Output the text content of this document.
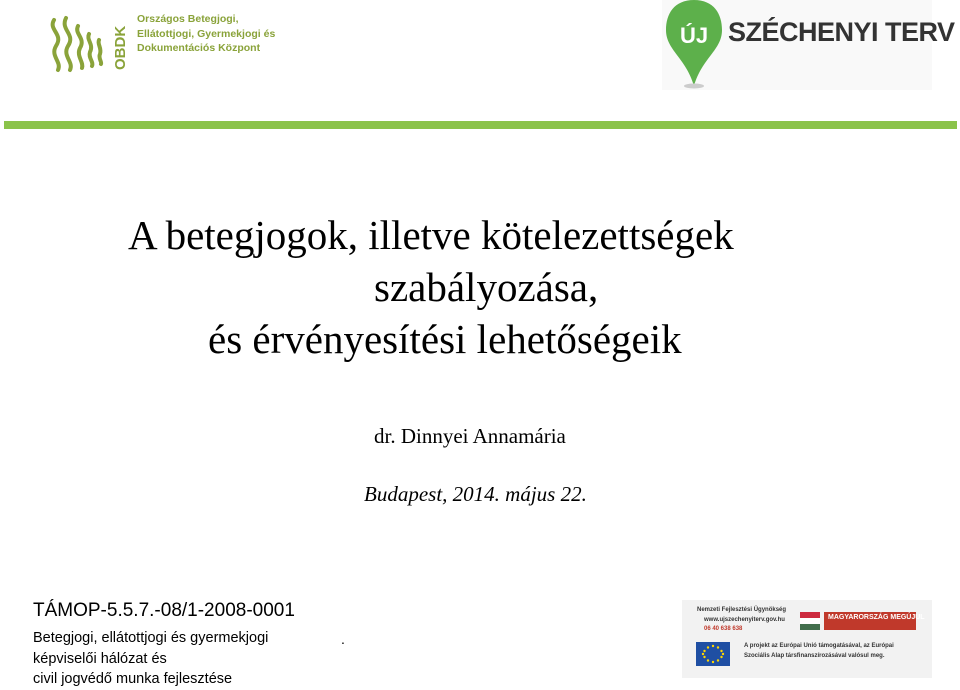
OBDK
Országos Betegjogi,
Ellátottjogi, Gyermekjogi és
Dokumentációs Központ	ÚJ SZÉCHENYI TERV
A betegjogok, illetve kötelezettségek
szabályozása,
és érvényesítési lehetőségeik
dr. Dinnyei Annamária
Budapest, 2014. május 22.
TÁMOP-5.5.7.-08/1-2008-0001
Betegjogi, ellátottjogi és gyermekjogi
képviselői hálózat és
civil jogvédő munka fejlesztése
.
Nemzeti Fejlesztési Ügynökség
www.ujszechenyiterv.gov.hu
06 40 638 638
MAGYARORSZÁG MEGÚJUL
A projekt az Európai Unió támogatásával, az Európai
Szociális Alap társfinanszírozásával valósul meg.
